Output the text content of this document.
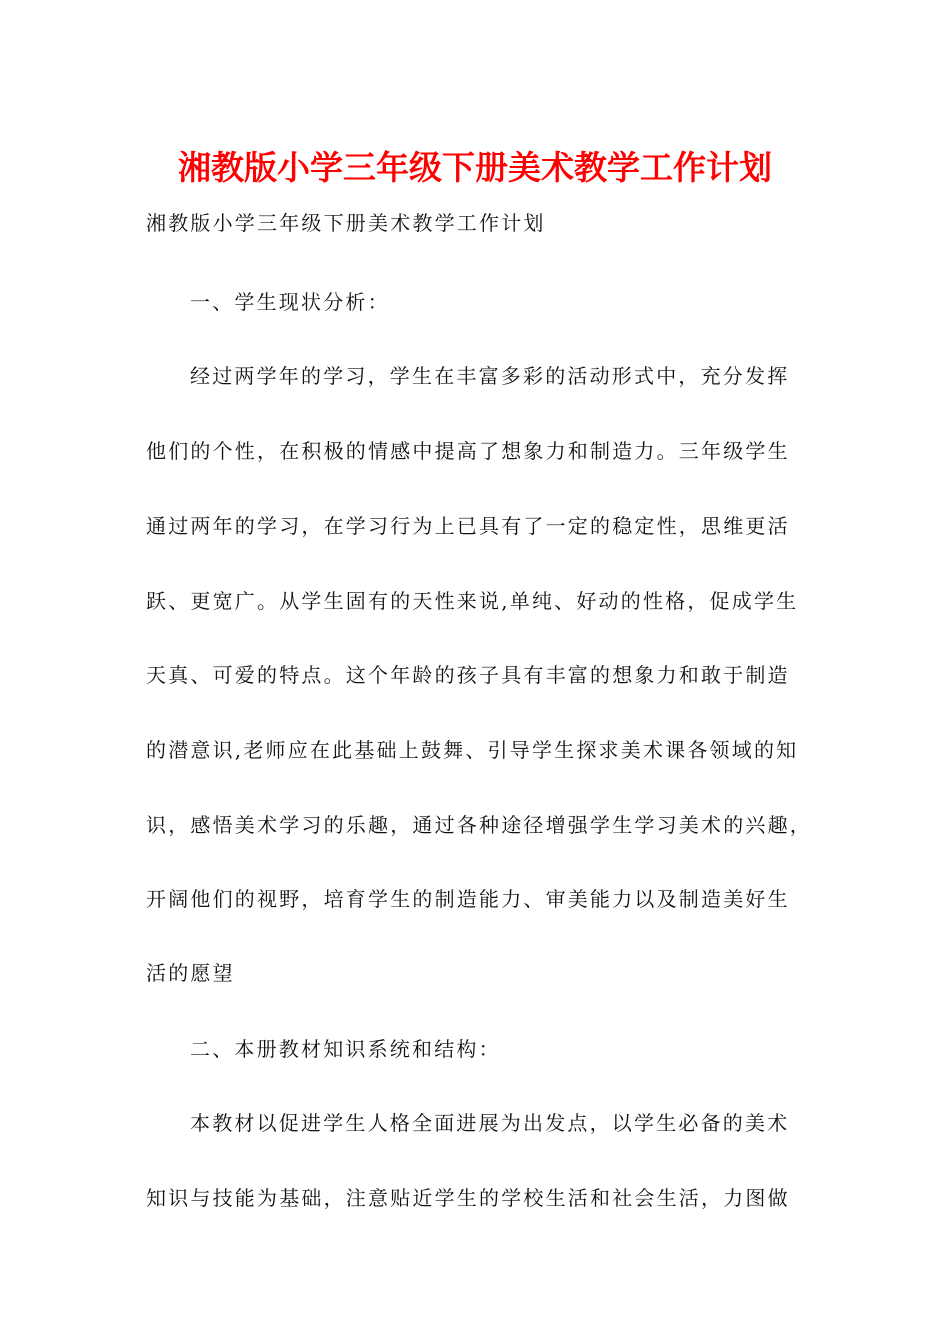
湘教版小学三年级下册美术教学工作计划
湘教版小学三年级下册美术教学工作计划
一、学生现状分析：
经过两学年的学习，学生在丰富多彩的活动形式中，充分发挥
他们的个性，在积极的情感中提高了想象力和制造力。三年级学生
通过两年的学习，在学习行为上已具有了一定的稳定性，思维更活
跃、更宽广。从学生固有的天性来说,单纯、好动的性格，促成学生
天真、可爱的特点。这个年龄的孩子具有丰富的想象力和敢于制造
的潜意识,老师应在此基础上鼓舞、引导学生探求美术课各领域的知
识，感悟美术学习的乐趣，通过各种途径增强学生学习美术的兴趣，
开阔他们的视野，培育学生的制造能力、审美能力以及制造美好生
活的愿望
二、本册教材知识系统和结构：
本教材以促进学生人格全面进展为出发点，以学生必备的美术
知识与技能为基础，注意贴近学生的学校生活和社会生活，力图做
